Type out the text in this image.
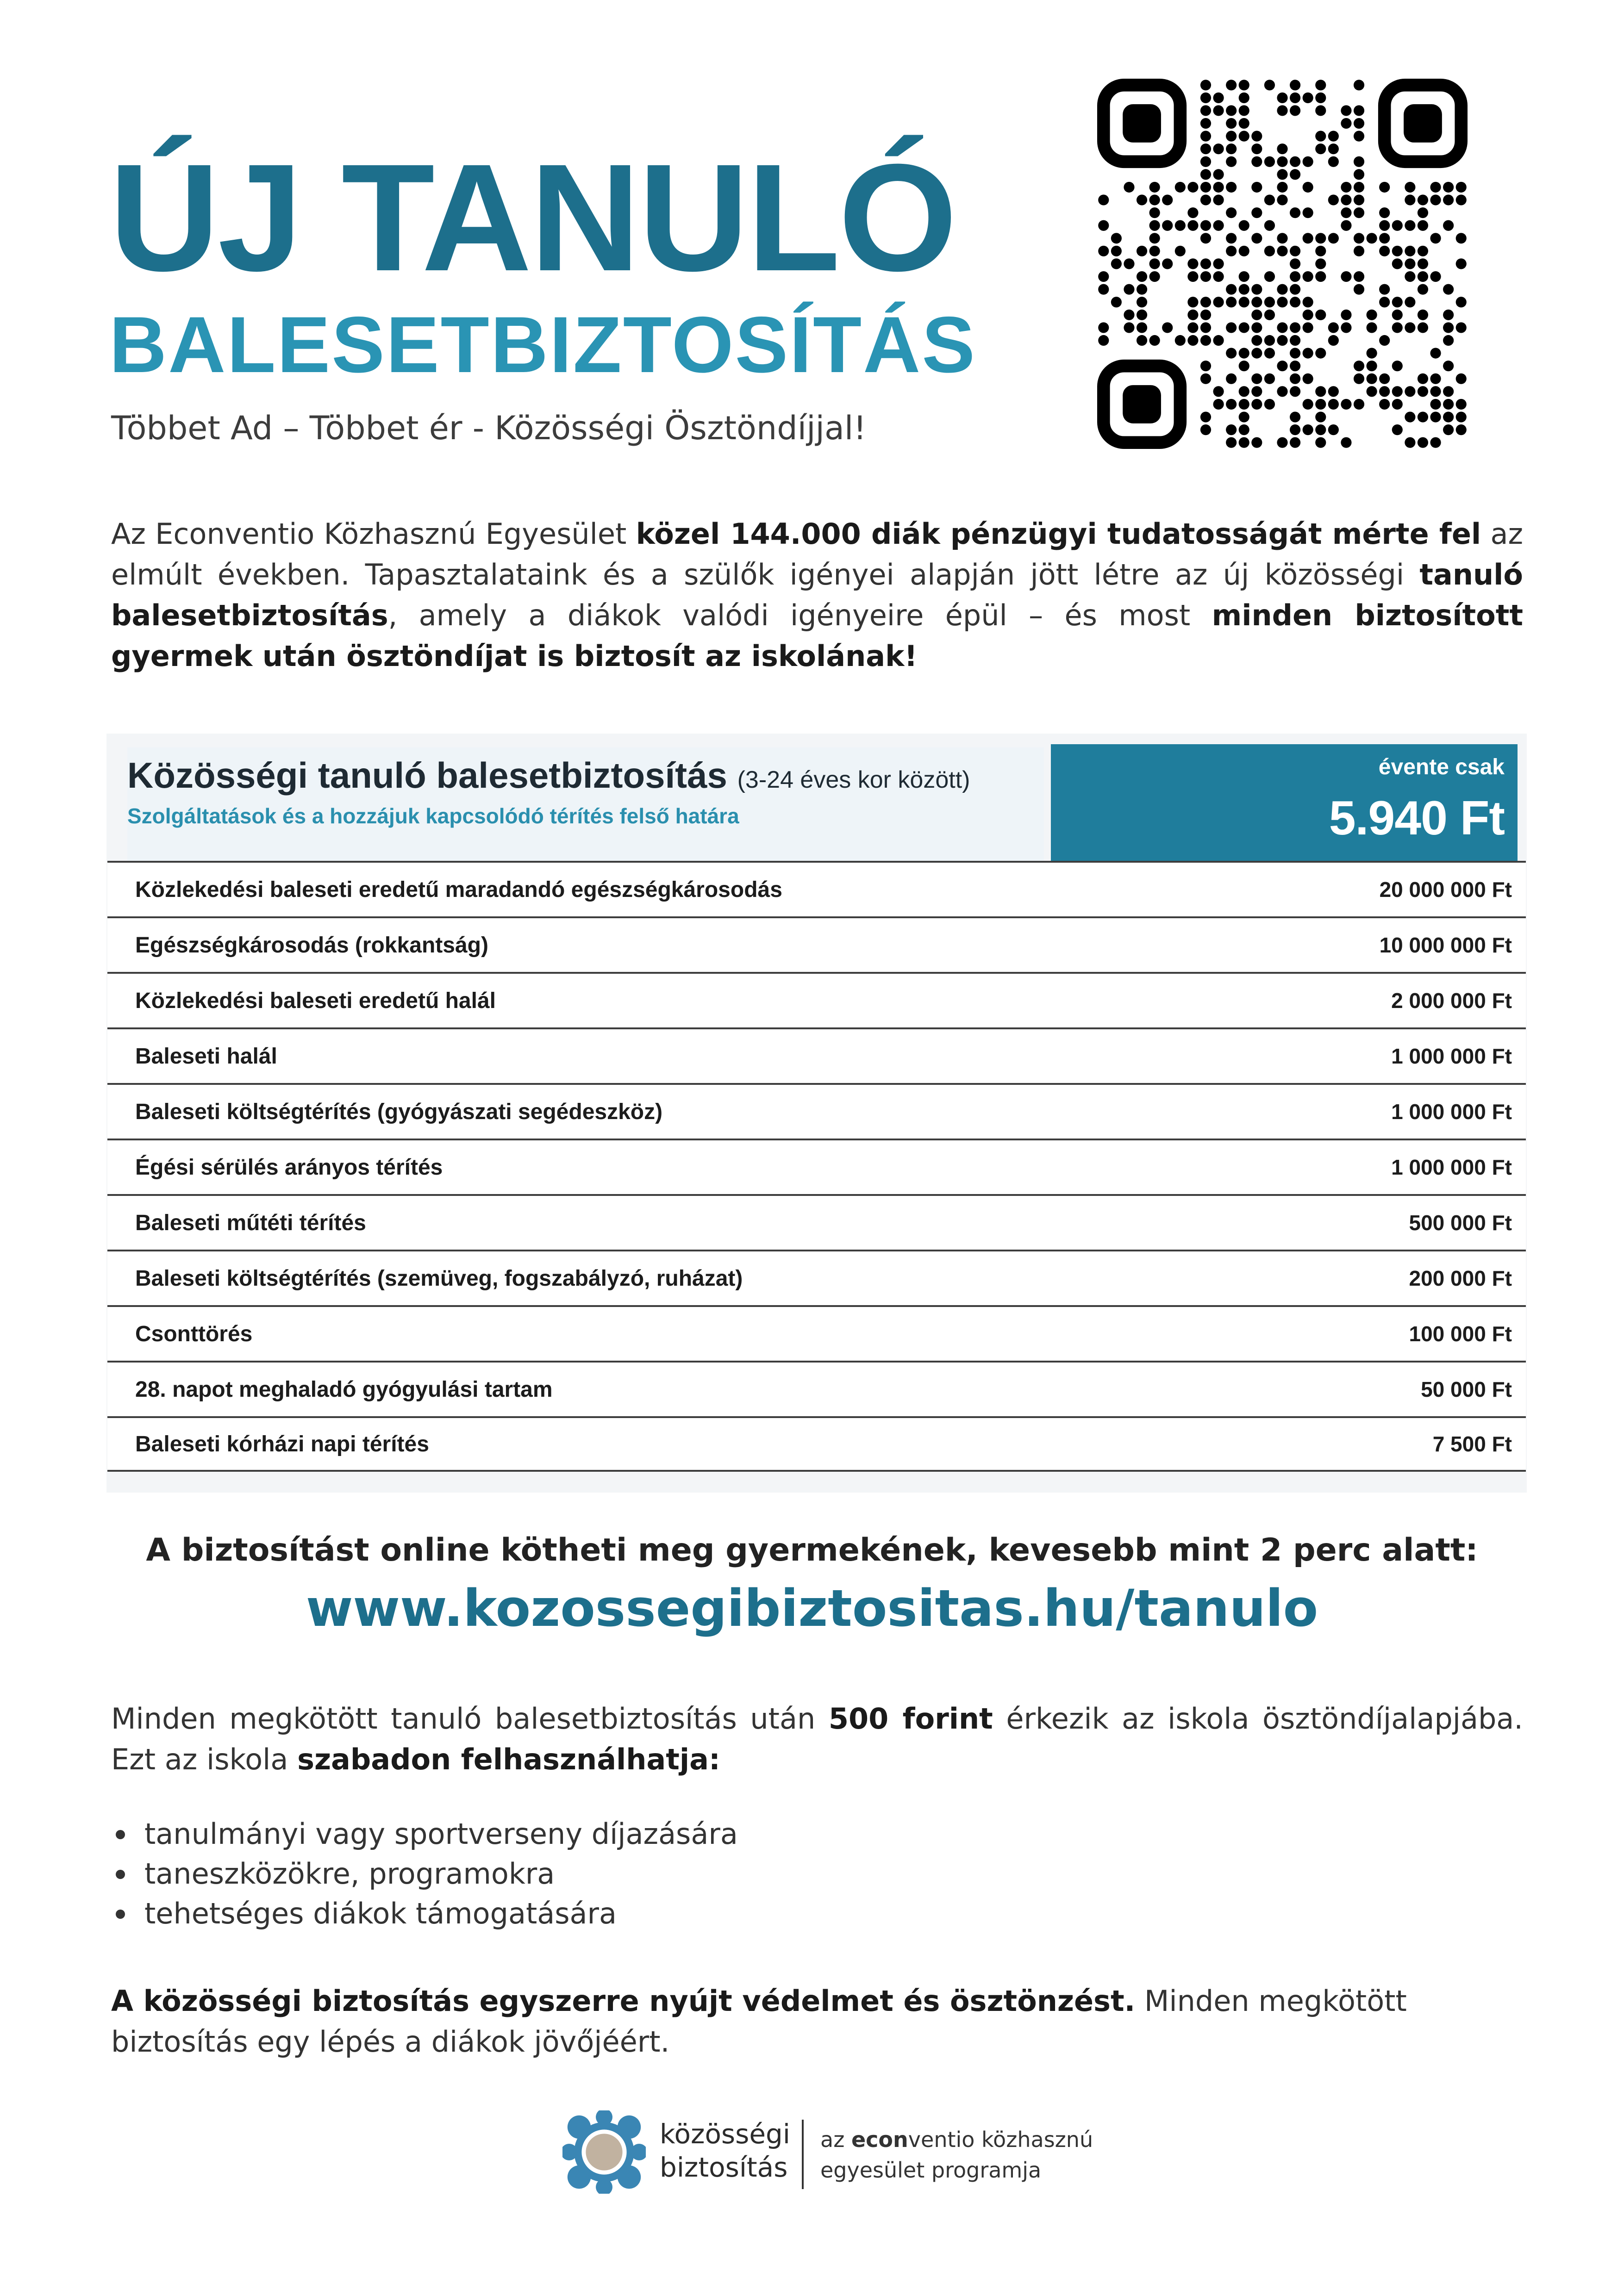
ÚJ TANULÓ
BALESETBIZTOSÍTÁS
Többet Ad – Többet ér - Közösségi Ösztöndíjjal!
Az Econventio Közhasznú Egyesület közel 144.000 diák pénzügyi tudatosságát mérte fel az elmúlt években. Tapasztalataink és a szülők igényei alapján jött létre az új közösségi tanuló balesetbiztosítás, amely a diákok valódi igényeire épül – és most minden biztosított gyermek után ösztöndíjat is biztosít az iskolának!
Közösségi tanuló balesetbiztosítás (3-24 éves kor között)
Szolgáltatások és a hozzájuk kapcsolódó térítés felső határa
évente csak
5.940 Ft
Közlekedési baleseti eredetű maradandó egészségkárosodás	20 000 000 Ft
Egészségkárosodás (rokkantság)	10 000 000 Ft
Közlekedési baleseti eredetű halál	2 000 000 Ft
Baleseti halál	1 000 000 Ft
Baleseti költségtérítés (gyógyászati segédeszköz)	1 000 000 Ft
Égési sérülés arányos térítés	1 000 000 Ft
Baleseti műtéti térítés	500 000 Ft
Baleseti költségtérítés (szemüveg, fogszabályzó, ruházat)	200 000 Ft
Csonttörés	100 000 Ft
28. napot meghaladó gyógyulási tartam	50 000 Ft
Baleseti kórházi napi térítés	7 500 Ft
A biztosítást online kötheti meg gyermekének, kevesebb mint 2 perc alatt:
www.kozossegibiztositas.hu/tanulo
Minden megkötött tanuló balesetbiztosítás után 500 forint érkezik az iskola ösztöndíjalapjába. Ezt az iskola szabadon felhasználhatja:
tanulmányi vagy sportverseny díjazására
taneszközökre, programokra
tehetséges diákok támogatására
A közösségi biztosítás egyszerre nyújt védelmet és ösztönzést. Minden megkötött biztosítás egy lépés a diákok jövőjéért.
közösségi
biztosítás
az econventio közhasznú
egyesület programja
